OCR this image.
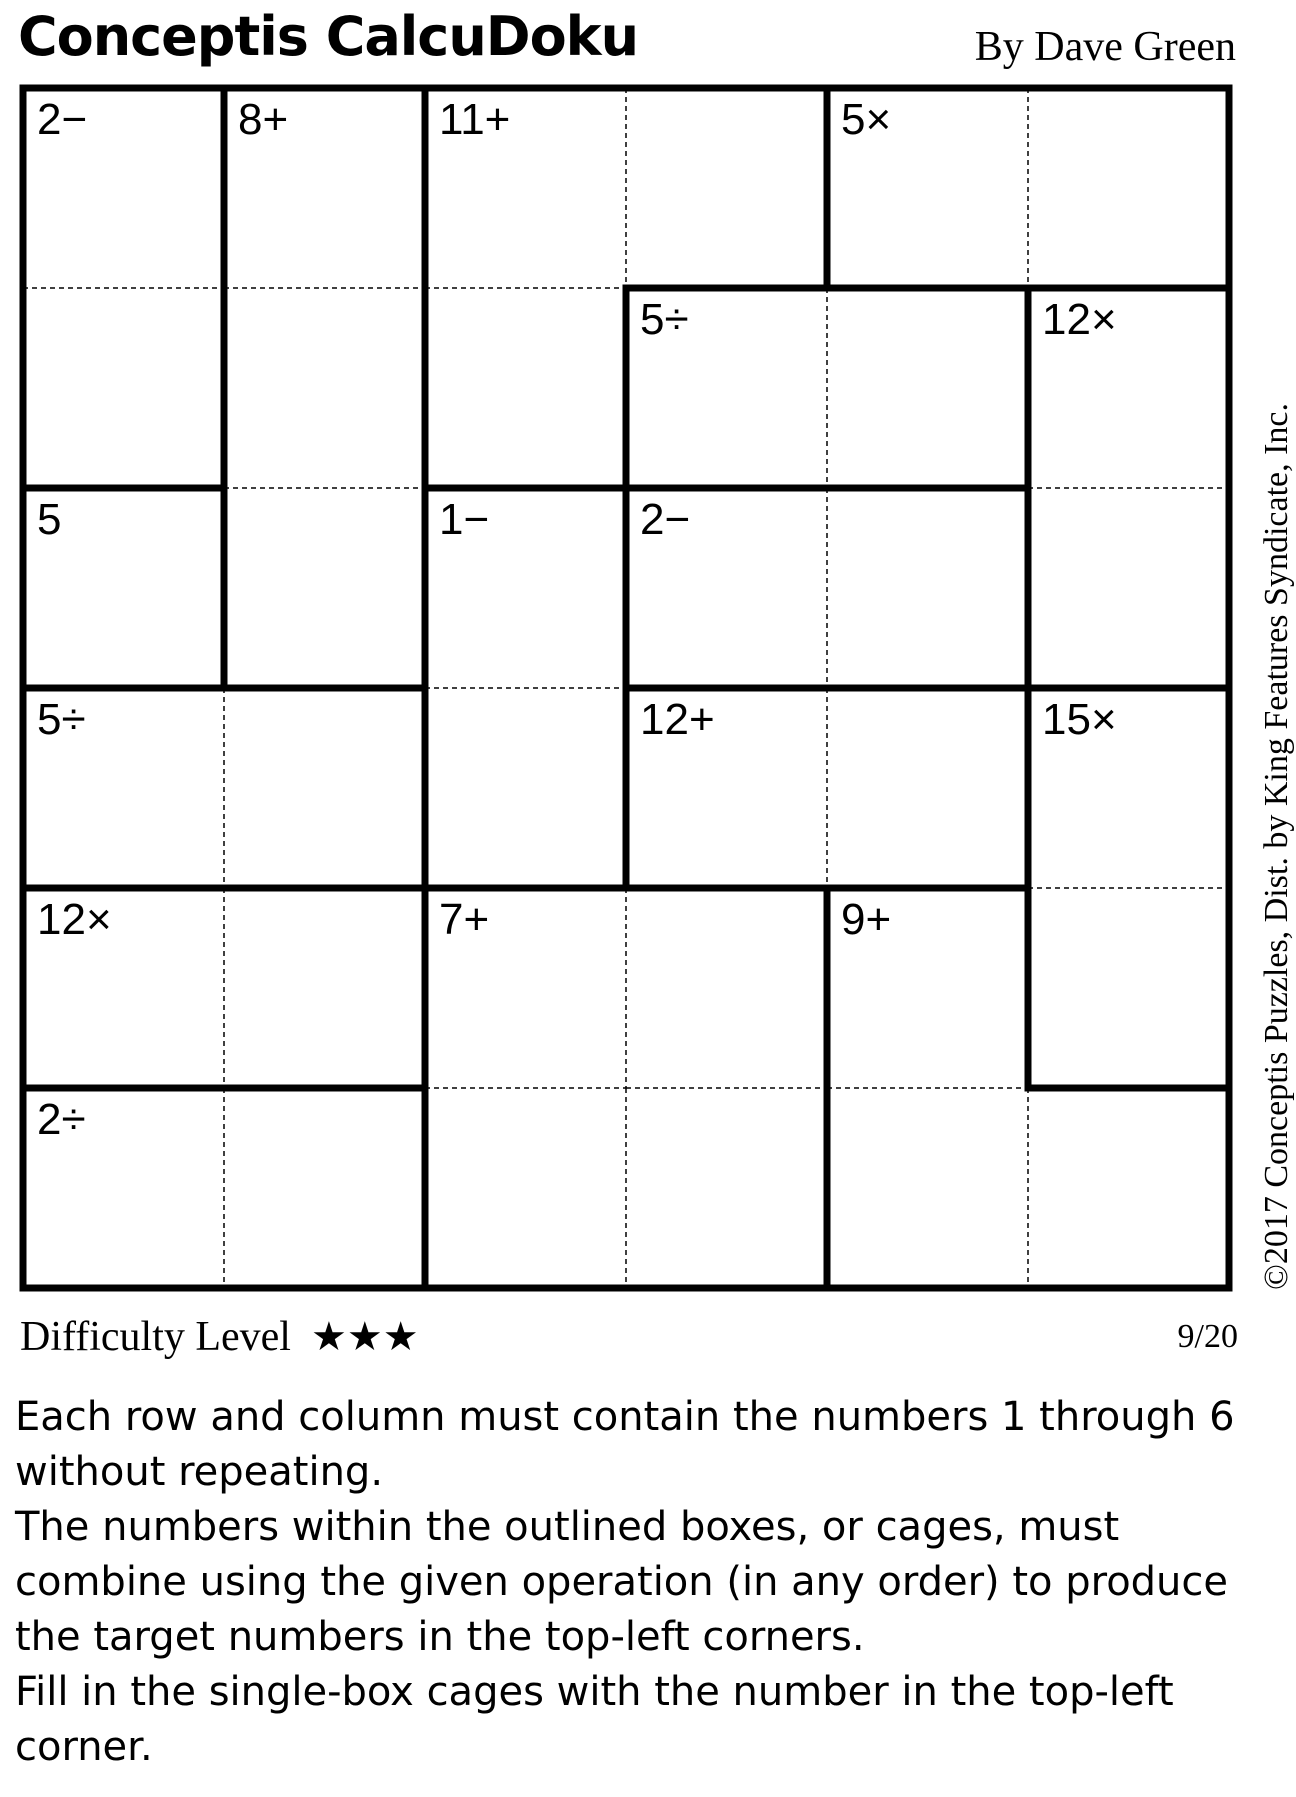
Conceptis CalcuDoku	By Dave Green
2−	8+	11+	5×
5÷	12×
5	1−	2−
5÷	12+	15×
12×	7+	9+
2÷	©2017 Conceptis Puzzles, Dist. by King Features Syndicate, Inc.
Difficulty Level ★★★	9/20

Each row and column must contain the numbers 1 through 6 without repeating.

The numbers within the outlined boxes, or cages, must combine using the given operation (in any order) to produce the target numbers in the top-left corners.

Fill in the single-box cages with the number in the top-left corner.
